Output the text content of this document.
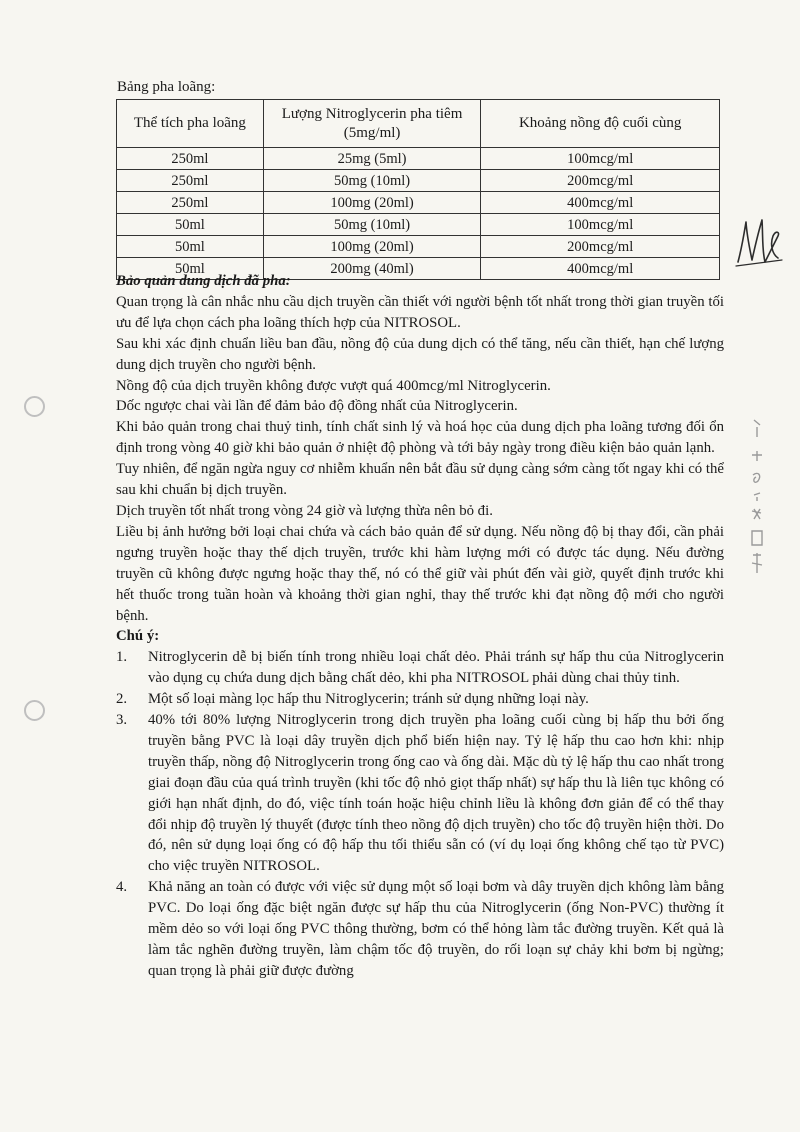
Bảng pha loãng:
Thể tích pha loãng	Lượng Nitroglycerin pha tiêm (5mg/ml)	Khoảng nồng độ cuối cùng
250ml	25mg (5ml)	100mcg/ml
250ml	50mg (10ml)	200mcg/ml
250ml	100mg (20ml)	400mcg/ml
50ml	50mg (10ml)	100mcg/ml
50ml	100mg (20ml)	200mcg/ml
50ml	200mg (40ml)	400mcg/ml

Bảo quản dung dịch đã pha:

Quan trọng là cân nhắc nhu cầu dịch truyền cần thiết với người bệnh tốt nhất trong thời gian truyền tối ưu để lựa chọn cách pha loãng thích hợp của NITROSOL.

Sau khi xác định chuẩn liều ban đầu, nồng độ của dung dịch có thể tăng, nếu cần thiết, hạn chế lượng dung dịch truyền cho người bệnh.

Nồng độ của dịch truyền không được vượt quá 400mcg/ml Nitroglycerin.

Dốc ngược chai vài lần để đảm bảo độ đồng nhất của Nitroglycerin.

Khi bảo quản trong chai thuỷ tinh, tính chất sinh lý và hoá học của dung dịch pha loãng tương đối ổn định trong vòng 40 giờ khi bảo quản ở nhiệt độ phòng và tới bảy ngày trong điều kiện bảo quản lạnh.

Tuy nhiên, để ngăn ngừa nguy cơ nhiễm khuẩn nên bắt đầu sử dụng càng sớm càng tốt ngay khi có thể sau khi chuẩn bị dịch truyền.

Dịch truyền tốt nhất trong vòng 24 giờ và lượng thừa nên bỏ đi.

Liều bị ảnh hưởng bởi loại chai chứa và cách bảo quản để sử dụng. Nếu nồng độ bị thay đổi, cần phải ngưng truyền hoặc thay thế dịch truyền, trước khi hàm lượng mới có được tác dụng. Nếu đường truyền cũ không được ngưng hoặc thay thế, nó có thể giữ vài phút đến vài giờ, quyết định trước khi hết thuốc trong tuần hoàn và khoảng thời gian nghỉ, thay thế trước khi đạt nồng độ mới cho người bệnh.

Chú ý:

1. Nitroglycerin dễ bị biến tính trong nhiều loại chất dẻo. Phải tránh sự hấp thu của Nitroglycerin vào dụng cụ chứa dung dịch bằng chất dẻo, khi pha NITROSOL phải dùng chai thủy tinh.
2. Một số loại màng lọc hấp thu Nitroglycerin; tránh sử dụng những loại này.
3. 40% tới 80% lượng Nitroglycerin trong dịch truyền pha loãng cuối cùng bị hấp thu bởi ống truyền bằng PVC là loại dây truyền dịch phổ biến hiện nay. Tỷ lệ hấp thu cao hơn khi: nhịp truyền thấp, nồng độ Nitroglycerin trong ống cao và ống dài. Mặc dù tỷ lệ hấp thu cao nhất trong giai đoạn đầu của quá trình truyền (khi tốc độ nhỏ giọt thấp nhất) sự hấp thu là liên tục không có giới hạn nhất định, do đó, việc tính toán hoặc hiệu chỉnh liều là không đơn giản để có thể thay đổi nhịp độ truyền lý thuyết (được tính theo nồng độ dịch truyền) cho tốc độ truyền hiện thời. Do đó, nên sử dụng loại ống có độ hấp thu tối thiểu sẵn có (ví dụ loại ống không chế tạo từ PVC) cho việc truyền NITROSOL.
4. Khả năng an toàn có được với việc sử dụng một số loại bơm và dây truyền dịch không làm bằng PVC. Do loại ống đặc biệt ngăn được sự hấp thu của Nitroglycerin (ống Non-PVC) thường ít mềm dẻo so với loại ống PVC thông thường, bơm có thể hỏng làm tắc đường truyền. Kết quả là làm tắc nghẽn đường truyền, làm chậm tốc độ truyền, do rối loạn sự chảy khi bơm bị ngừng; quan trọng là phải giữ được đường
